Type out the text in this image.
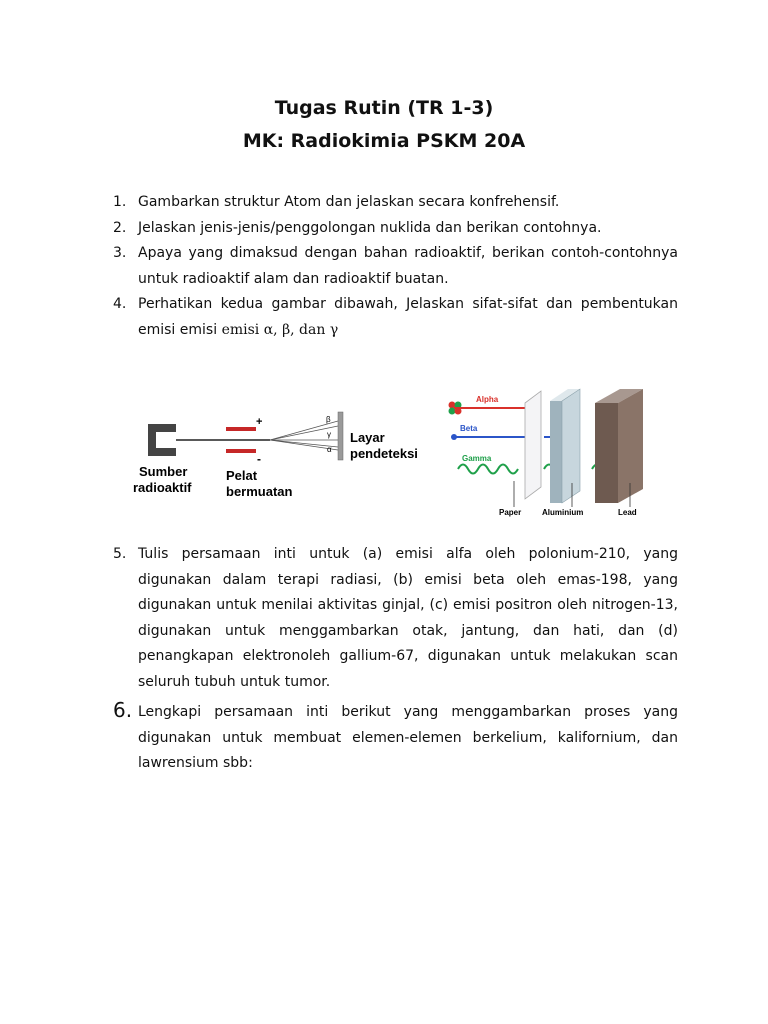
Tugas Rutin (TR 1-3)
MK: Radiokimia PSKM 20A
1. Gambarkan struktur Atom dan jelaskan secara konfrehensif.
2. Jelaskan jenis-jenis/penggolongan nuklida dan berikan contohnya.
3. Apaya yang dimaksud dengan bahan radioaktif, berikan contoh-contohnya
untuk radioaktif alam dan radioaktif buatan.
4. Perhatikan kedua gambar dibawah, Jelaskan sifat-sifat dan pembentukan
emisi emisi emisi α, β, dan γ
+
-
β
γ
α
Layar
pendeteksi
Sumber
radioaktif
Pelat
bermuatan
Alpha
Beta
Gamma
Paper	Aluminium	Lead
5. Tulis persamaan inti untuk (a) emisi alfa oleh polonium-210, yang
digunakan dalam terapi radiasi, (b) emisi beta oleh emas-198, yang
digunakan untuk menilai aktivitas ginjal, (c) emisi positron oleh nitrogen-13,
digunakan untuk menggambarkan otak, jantung, dan hati, dan (d)
penangkapan elektronoleh gallium-67, digunakan untuk melakukan scan
seluruh tubuh untuk tumor.
6. Lengkapi persamaan inti berikut yang menggambarkan proses yang
digunakan untuk membuat elemen-elemen berkelium, kalifornium, dan
lawrensium sbb:
